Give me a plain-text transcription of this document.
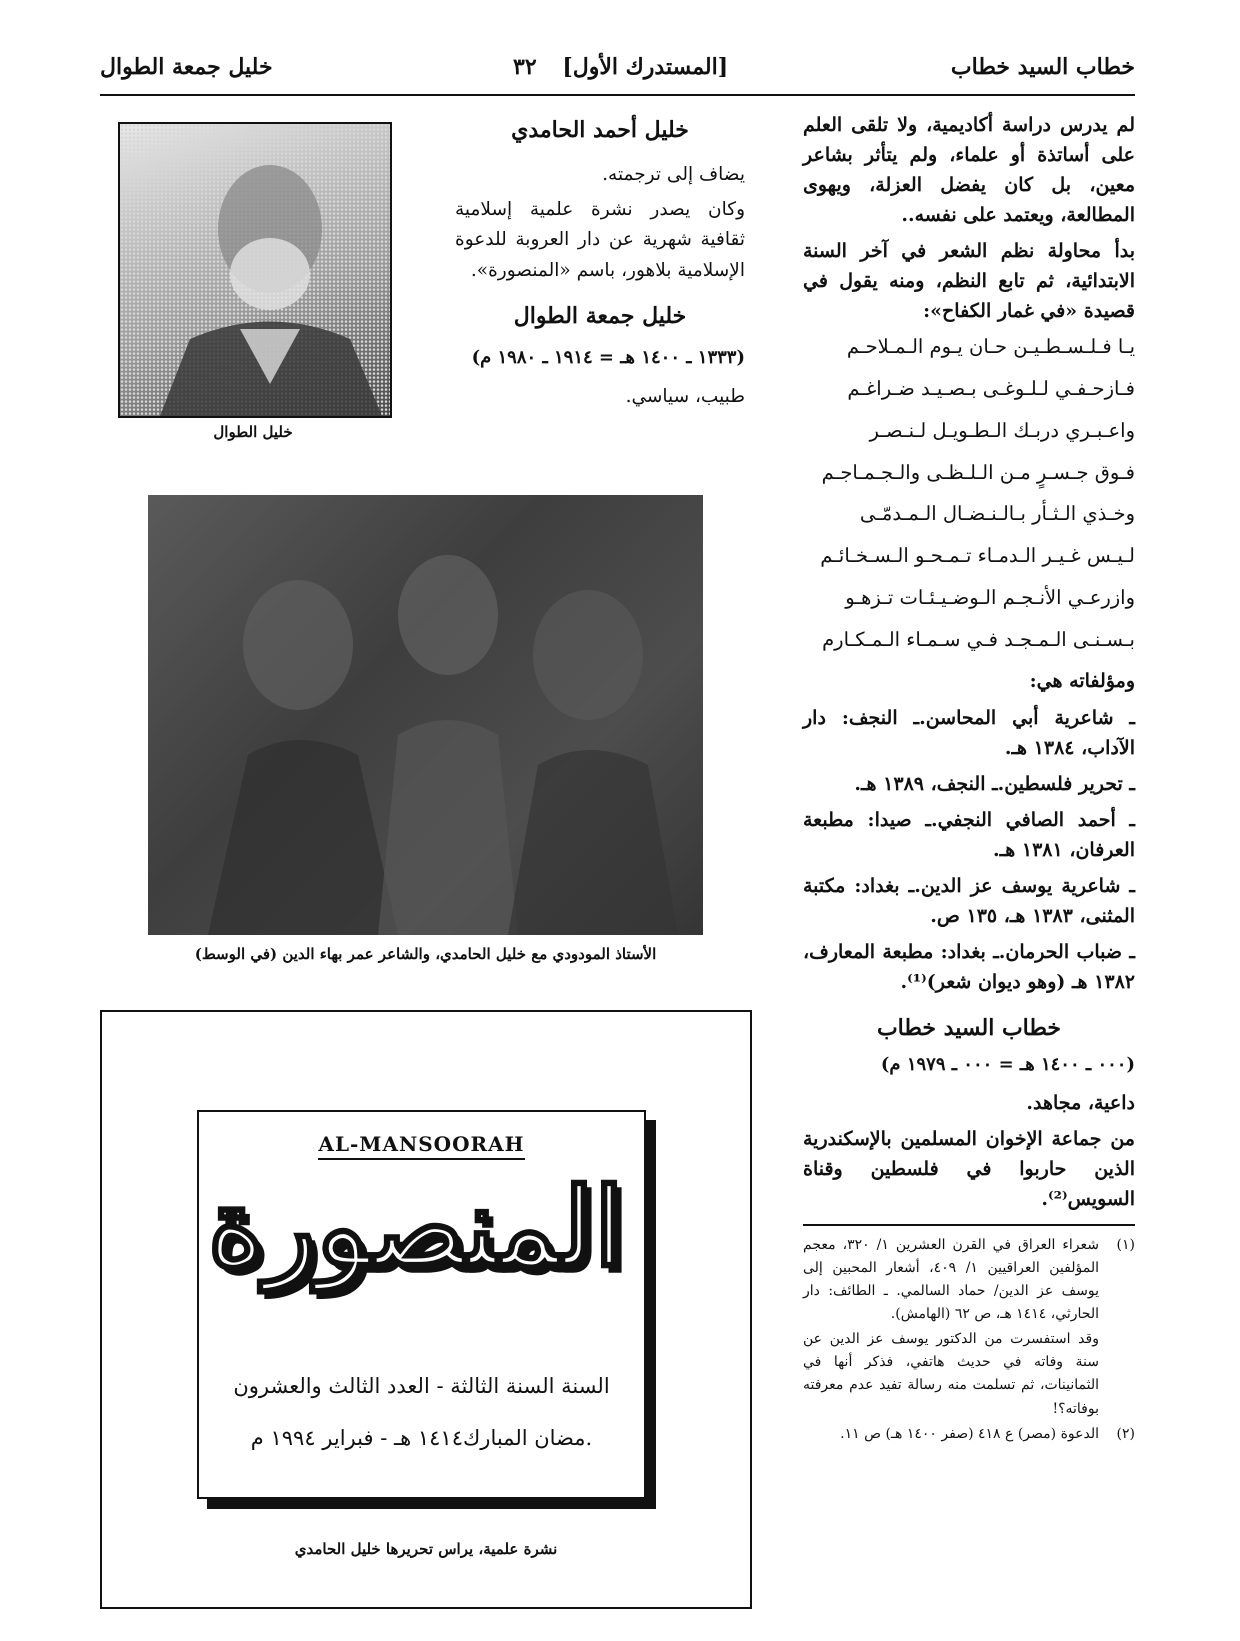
خطاب السيد خطاب
[المستدرك الأول] ٣٢
خليل جمعة الطوال

لم يدرس دراسة أكاديمية، ولا تلقى العلم على أساتذة أو علماء، ولم يتأثر بشاعر معين، بل كان يفضل العزلة، ويهوى المطالعة، ويعتمد على نفسه..

بدأ محاولة نظم الشعر في آخر السنة الابتدائية، ثم تابع النظم، ومنه يقول في قصيدة «في غمار الكفاح»:

يـا فـلـسـطـيـن حـان يـوم الـمـلاحـم
فـازحـفـي لـلـوغـى بـصـيـد ضـراغـم
واعـبـري دربـك الـطـويـل لـنـصـر
فـوق جـسـرٍ مـن الـلـظـى والـجـمـاجـم
وخـذي الـثـأر بـالـنـضـال الـمـدمّـى
لـيـس غـيـر الـدمـاء تـمـحـو الـسـخـائـم
وازرعـي الأنـجـم الـوضـيـئـات تـزهـو
بـسـنـى الـمـجـد فـي سـمـاء الـمـكـارم

ومؤلفاته هي:

ـ شاعرية أبي المحاسن.ـ النجف: دار الآداب، ١٣٨٤ هـ.

ـ تحرير فلسطين.ـ النجف، ١٣٨٩ هـ.

ـ أحمد الصافي النجفي.ـ صيدا: مطبعة العرفان، ١٣٨١ هـ.

ـ شاعرية يوسف عز الدين.ـ بغداد: مكتبة المثنى، ١٣٨٣ هـ، ١٣٥ ص.

ـ ضباب الحرمان.ـ بغداد: مطبعة المعارف، ١٣٨٢ هـ (وهو ديوان شعر)⁽¹⁾.

خطاب السيد خطاب
(٠٠٠ ـ ١٤٠٠ هـ = ٠٠٠ ـ ١٩٧٩ م)

داعية، مجاهد.

من جماعة الإخوان المسلمين بالإسكندرية الذين حاربوا في فلسطين وقناة السويس⁽²⁾.

(١)
شعراء العراق في القرن العشرين ١/ ٣٢٠، معجم المؤلفين العراقيين ١/ ٤٠٩، أشعار المحبين إلى يوسف عز الدين/ حماد السالمي. ـ الطائف: دار الحارثي، ١٤١٤ هـ، ص ٦٢ (الهامش).
وقد استفسرت من الدكتور يوسف عز الدين عن سنة وفاته في حديث هاتفي، فذكر أنها في الثمانينات، ثم تسلمت منه رسالة تفيد عدم معرفته بوفاته؟!
(٢)
الدعوة (مصر) ع ٤١٨ (صفر ١٤٠٠ هـ) ص ١١.
خليل أحمد الحامدي

يضاف إلى ترجمته.

وكان يصدر نشرة علمية إسلامية ثقافية شهرية عن دار العروبة للدعوة الإسلامية بلاهور، باسم «المنصورة».

خليل جمعة الطوال
(١٣٣٣ ـ ١٤٠٠ هـ = ١٩١٤ ـ ١٩٨٠ م)

طبيب، سياسي.

خليل الطوال
الأستاذ المودودي مع خليل الحامدي، والشاعر عمر بهاء الدين (في الوسط)
AL-MANSOORAH
المنصورة
السنة السنة الثالثة - العدد الثالث والعشرون
.مضان المبارك١٤١٤ هـ - فبراير ١٩٩٤ م
نشرة علمية، يراس تحريرها خليل الحامدي
